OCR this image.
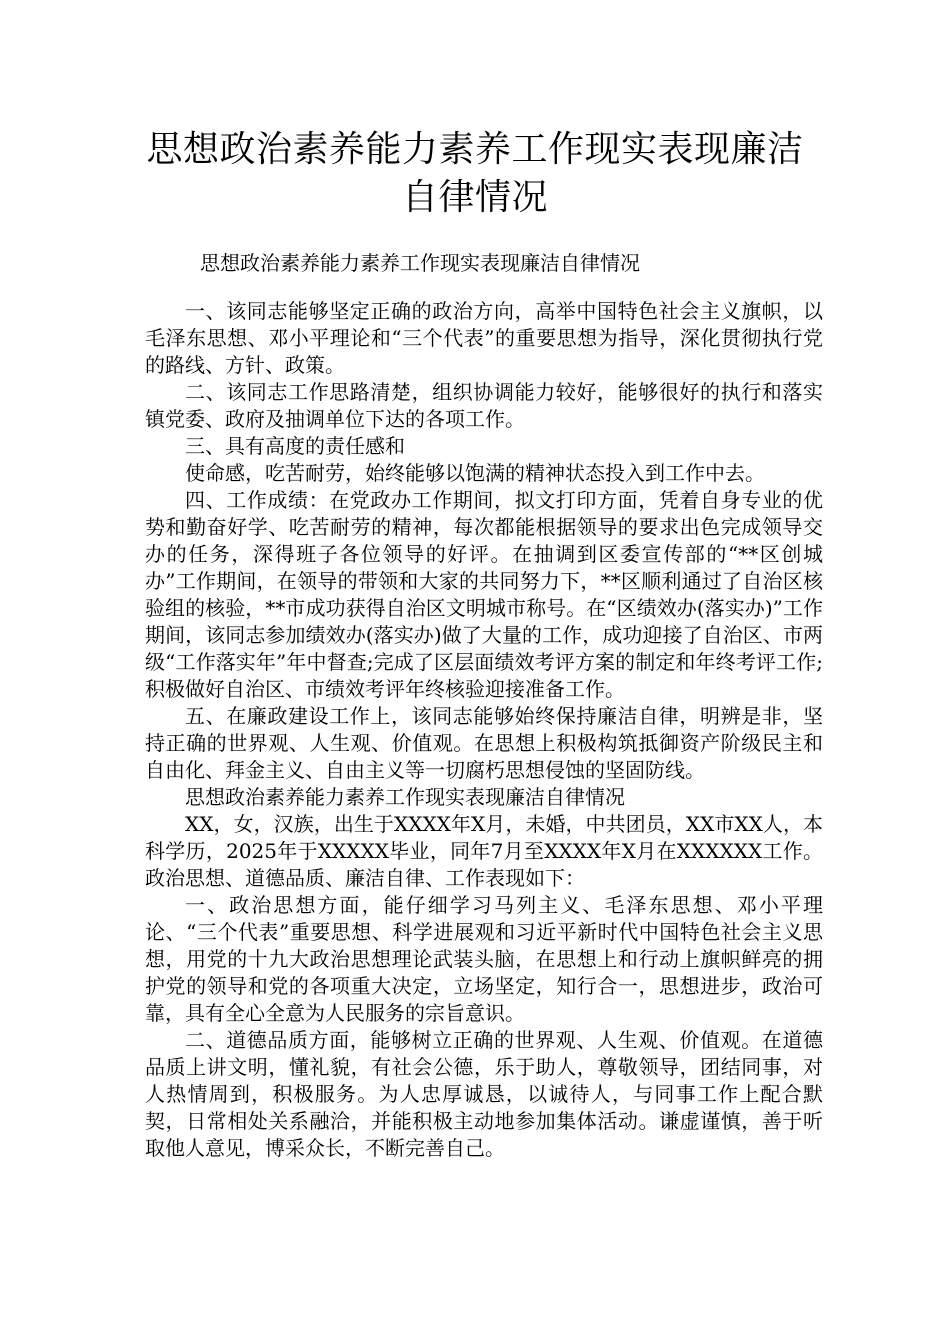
思想政治素养能力素养工作现实表现廉洁自律情况

思想政治素养能力素养工作现实表现廉洁自律情况

一、该同志能够坚定正确的政治方向，高举中国特色社会主义旗帜，以毛泽东思想、邓小平理论和“三个代表”的重要思想为指导，深化贯彻执行党的路线、方针、政策。

二、该同志工作思路清楚，组织协调能力较好，能够很好的执行和落实镇党委、政府及抽调单位下达的各项工作。

三、具有高度的责任感和

使命感，吃苦耐劳，始终能够以饱满的精神状态投入到工作中去。

四、工作成绩：在党政办工作期间，拟文打印方面，凭着自身专业的优势和勤奋好学、吃苦耐劳的精神，每次都能根据领导的要求出色完成领导交办的任务，深得班子各位领导的好评。在抽调到区委宣传部的“**区创城办”工作期间，在领导的带领和大家的共同努力下，**区顺利通过了自治区核验组的核验，**市成功获得自治区文明城市称号。在“区绩效办(落实办)”工作期间，该同志参加绩效办(落实办)做了大量的工作，成功迎接了自治区、市两级“工作落实年”年中督查;完成了区层面绩效考评方案的制定和年终考评工作;积极做好自治区、市绩效考评年终核验迎接准备工作。

五、在廉政建设工作上，该同志能够始终保持廉洁自律，明辨是非，坚持正确的世界观、人生观、价值观。在思想上积极构筑抵御资产阶级民主和自由化、拜金主义、自由主义等一切腐朽思想侵蚀的坚固防线。

思想政治素养能力素养工作现实表现廉洁自律情况

XX，女，汉族，出生于XXXX年X月，未婚，中共团员，XX市XX人，本科学历，2025年于XXXXX毕业，同年7月至XXXX年X月在XXXXXX工作。政治思想、道德品质、廉洁自律、工作表现如下：

一、政治思想方面，能仔细学习马列主义、毛泽东思想、邓小平理论、“三个代表”重要思想、科学进展观和习近平新时代中国特色社会主义思想，用党的十九大政治思想理论武装头脑，在思想上和行动上旗帜鲜亮的拥护党的领导和党的各项重大决定，立场坚定，知行合一，思想进步，政治可靠，具有全心全意为人民服务的宗旨意识。

二、道德品质方面，能够树立正确的世界观、人生观、价值观。在道德品质上讲文明，懂礼貌，有社会公德，乐于助人，尊敬领导，团结同事，对人热情周到，积极服务。为人忠厚诚恳，以诚待人，与同事工作上配合默契，日常相处关系融洽，并能积极主动地参加集体活动。谦虚谨慎，善于听取他人意见，博采众长，不断完善自己。
